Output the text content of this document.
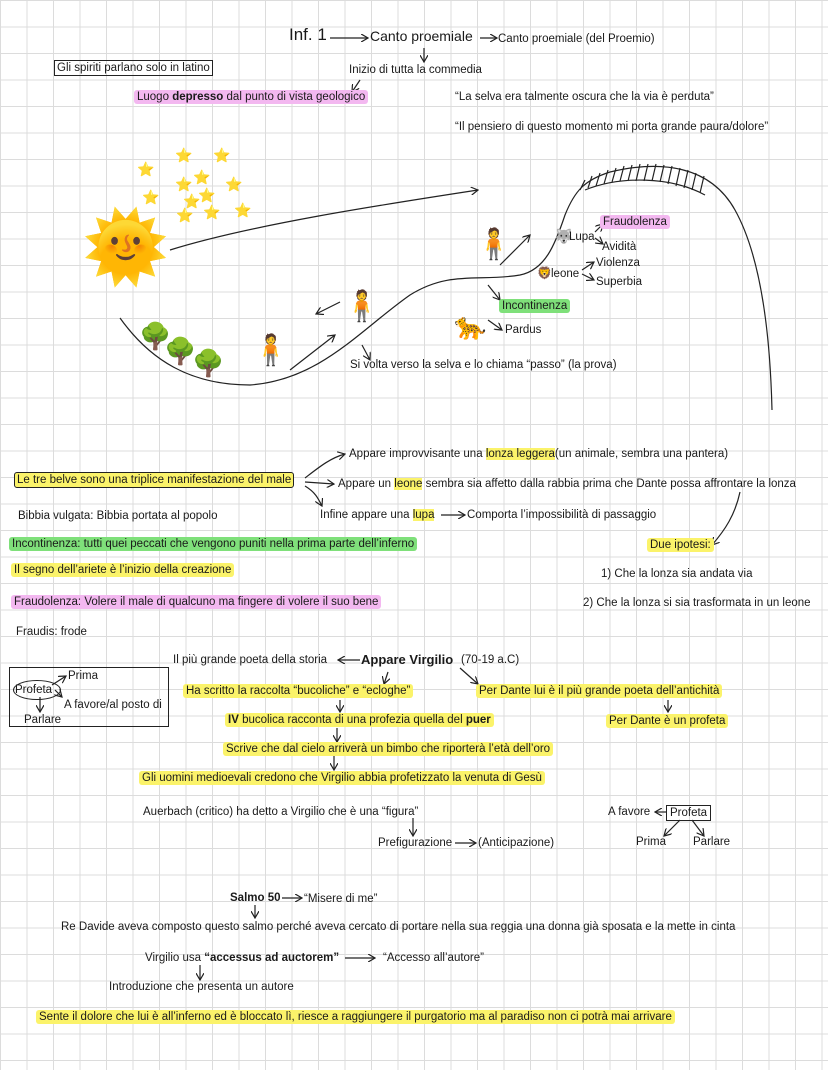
Inf. 1	Canto proemiale Canto proemiale (del Proemio)
Gli spiriti parlano solo in latino	Inizio di tutta la commedia
Luogo depresso dal punto di vista geologico	“La selva era talmente oscura che la via è perduta”
“Il pensiero di questo momento mi porta grande paura/dolore”
🌞
⭐
⭐ ⭐
⭐ ⭐ ⭐
⭐ ⭐
⭐
⭐ ⭐ ⭐
🌳
🌳
🌳 🧍
🧍
🧍	🐺
🦁
🐆
Fraudolenza
Lupa
Avidità
Violenza
leone
Superbia
Incontinenza
Pardus
Si volta verso la selva e lo chiama “passo” (la prova)
Le tre belve sono una triplice manifestazione del male
Appare improvvisante una lonza leggera(un animale, sembra una pantera)
Appare un leone sembra sia affetto dalla rabbia prima che Dante possa affrontare la lonza
Infine appare una lupa	Comporta l’impossibilità di passaggio
Bibbia vulgata: Bibbia portata al popolo
Incontinenza: tutti quei peccati che vengono puniti nella prima parte dell’inferno
Il segno dell’ariete è l’inizio della creazione
Fraudolenza: Volere il male di qualcuno ma fingere di volere il suo bene
Fraudis: frode
Due ipotesi:
1) Che la lonza sia andata via
2) Che la lonza si sia trasformata in un leone
Profeta
Prima
A favore/al posto di
Parlare
Il più grande poeta della storia	Appare Virgilio (70-19 a.C)
Ha scritto la raccolta “bucoliche” e “ecloghe”	Per Dante lui è il più grande poeta dell’antichità
IV bucolica racconta di una profezia quella del puer	Per Dante è un profeta
Scrive che dal cielo arriverà un bimbo che riporterà l’età dell’oro
Gli uomini medioevali credono che Virgilio abbia profetizzato la venuta di Gesù
Auerbach (critico) ha detto a Virgilio che è una “figura”
Prefigurazione (Anticipazione)
A favore	Profeta
Prima Parlare
Salmo 50 “Misere di me”
Re Davide aveva composto questo salmo perché aveva cercato di portare nella sua reggia una donna già sposata e la mette in cinta
Virgilio usa “accessus ad auctorem”	“Accesso all’autore”
Introduzione che presenta un autore
Sente il dolore che lui è all’inferno ed è bloccato lì, riesce a raggiungere il purgatorio ma al paradiso non ci potrà mai arrivare
